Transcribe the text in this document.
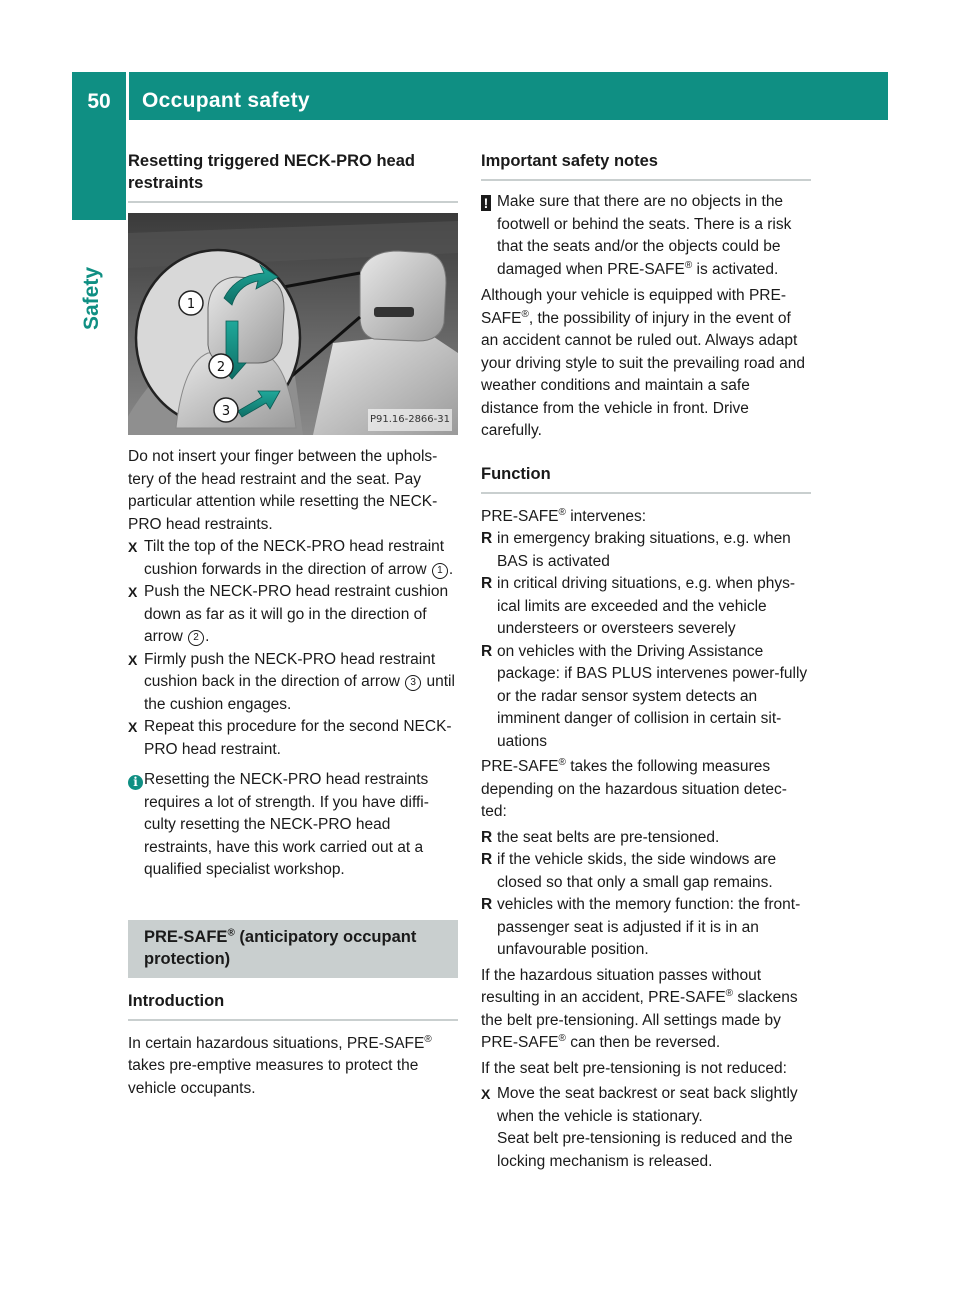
50	Occupant safety
Safety
Resetting triggered NECK-PRO head restraints
1
2
3	P91.16-2866-31

Do not insert your finger between the uphols-tery of the head restraint and the seat. Pay particular attention while resetting the NECK-PRO head restraints.

X Tilt the top of the NECK-PRO head restraint cushion forwards in the direction of arrow 1 .
X Push the NECK-PRO head restraint cushion down as far as it will go in the direction of arrow 2 .
X Firmly push the NECK-PRO head restraint cushion back in the direction of arrow 3 until the cushion engages.
X Repeat this procedure for the second NECK-PRO head restraint.
i Resetting the NECK-PRO head restraints requires a lot of strength. If you have diffi-culty resetting the NECK-PRO head restraints, have this work carried out at a qualified specialist workshop.
PRE-SAFE® (anticipatory occupant protection)
Introduction

In certain hazardous situations, PRE-SAFE® takes pre-emptive measures to protect the vehicle occupants.

Important safety notes
! Make sure that there are no objects in the footwell or behind the seats. There is a risk that the seats and/or the objects could be damaged when PRE-SAFE® is activated.

Although your vehicle is equipped with PRE-SAFE®, the possibility of injury in the event of an accident cannot be ruled out. Always adapt your driving style to suit the prevailing road and weather conditions and maintain a safe distance from the vehicle in front. Drive carefully.

Function

PRE-SAFE® intervenes:

R in emergency braking situations, e.g. when BAS is activated
R in critical driving situations, e.g. when phys-ical limits are exceeded and the vehicle understeers or oversteers severely
R on vehicles with the Driving Assistance package: if BAS PLUS intervenes power-fully or the radar sensor system detects an imminent danger of collision in certain sit-uations

PRE-SAFE® takes the following measures depending on the hazardous situation detec-ted:

R the seat belts are pre-tensioned.
R if the vehicle skids, the side windows are closed so that only a small gap remains.
R vehicles with the memory function: the front-passenger seat is adjusted if it is in an unfavourable position.

If the hazardous situation passes without resulting in an accident, PRE-SAFE® slackens the belt pre-tensioning. All settings made by PRE-SAFE® can then be reversed.

If the seat belt pre-tensioning is not reduced:

X Move the seat backrest or seat back slightly when the vehicle is stationary.
Seat belt pre-tensioning is reduced and the locking mechanism is released.
